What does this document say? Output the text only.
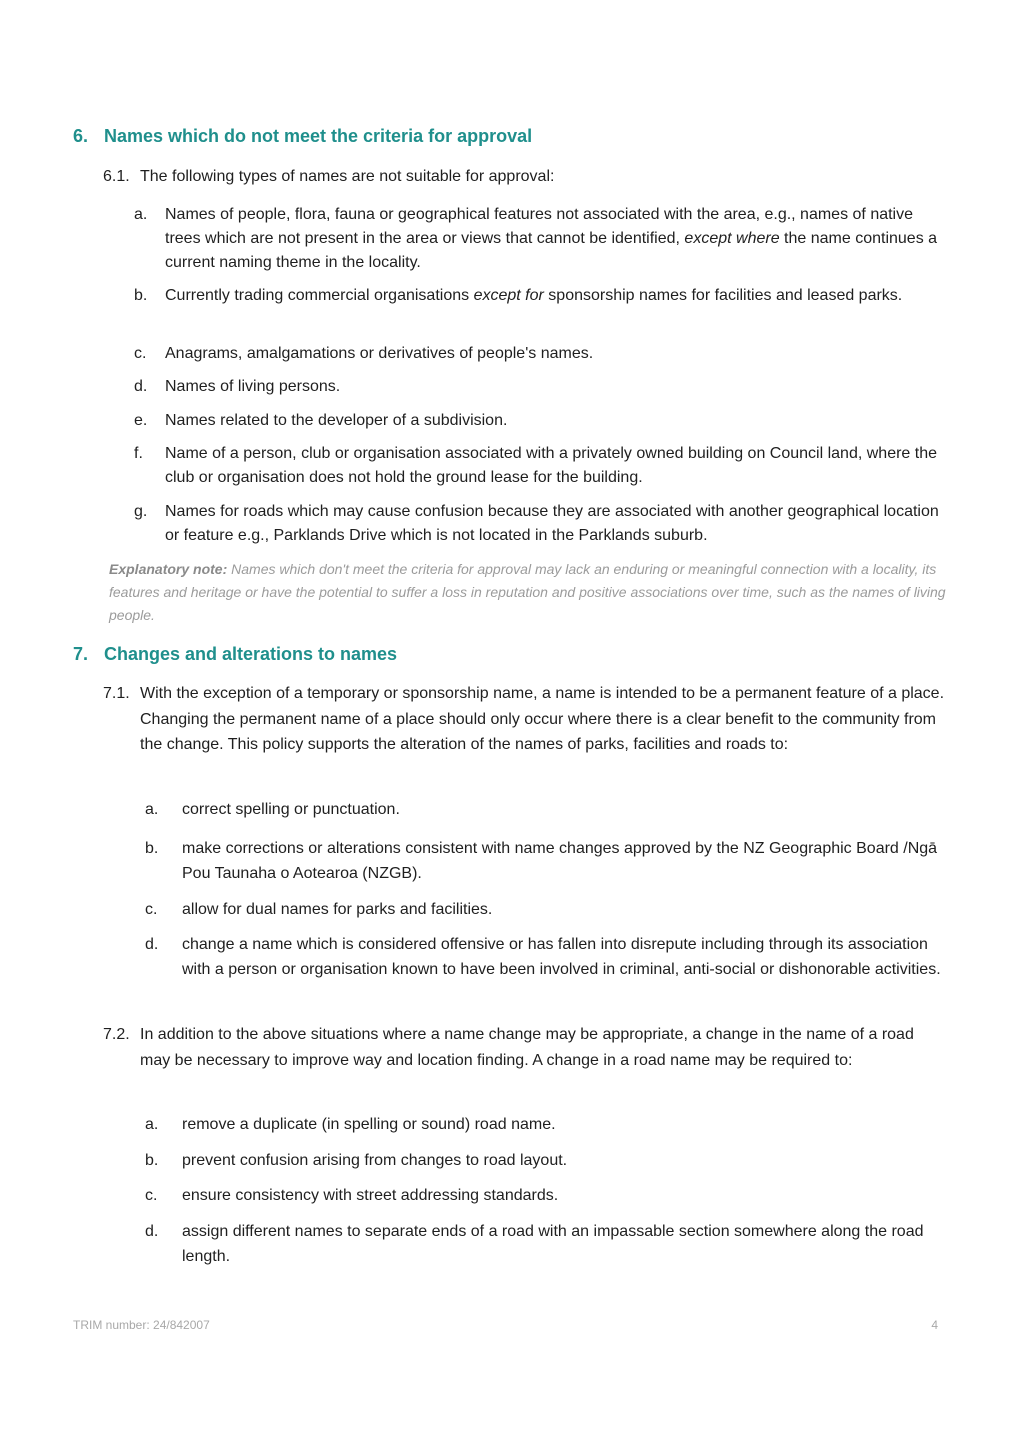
6. Names which do not meet the criteria for approval
6.1. The following types of names are not suitable for approval:
a. Names of people, flora, fauna or geographical features not associated with the area, e.g., names of native trees which are not present in the area or views that cannot be identified, except where the name continues a current naming theme in the locality.
b. Currently trading commercial organisations except for sponsorship names for facilities and leased parks.
c. Anagrams, amalgamations or derivatives of people's names.
d. Names of living persons.
e. Names related to the developer of a subdivision.
f. Name of a person, club or organisation associated with a privately owned building on Council land, where the club or organisation does not hold the ground lease for the building.
g. Names for roads which may cause confusion because they are associated with another geographical location or feature e.g., Parklands Drive which is not located in the Parklands suburb.
Explanatory note: Names which don't meet the criteria for approval may lack an enduring or meaningful connection with a locality, its features and heritage or have the potential to suffer a loss in reputation and positive associations over time, such as the names of living people.
7. Changes and alterations to names
7.1. With the exception of a temporary or sponsorship name, a name is intended to be a permanent feature of a place. Changing the permanent name of a place should only occur where there is a clear benefit to the community from the change. This policy supports the alteration of the names of parks, facilities and roads to:
a. correct spelling or punctuation.
b. make corrections or alterations consistent with name changes approved by the NZ Geographic Board /Ngā Pou Taunaha o Aotearoa (NZGB).
c. allow for dual names for parks and facilities.
d. change a name which is considered offensive or has fallen into disrepute including through its association with a person or organisation known to have been involved in criminal, anti-social or dishonorable activities.
7.2. In addition to the above situations where a name change may be appropriate, a change in the name of a road may be necessary to improve way and location finding. A change in a road name may be required to:
a. remove a duplicate (in spelling or sound) road name.
b. prevent confusion arising from changes to road layout.
c. ensure consistency with street addressing standards.
d. assign different names to separate ends of a road with an impassable section somewhere along the road length.
TRIM number: 24/842007	4
